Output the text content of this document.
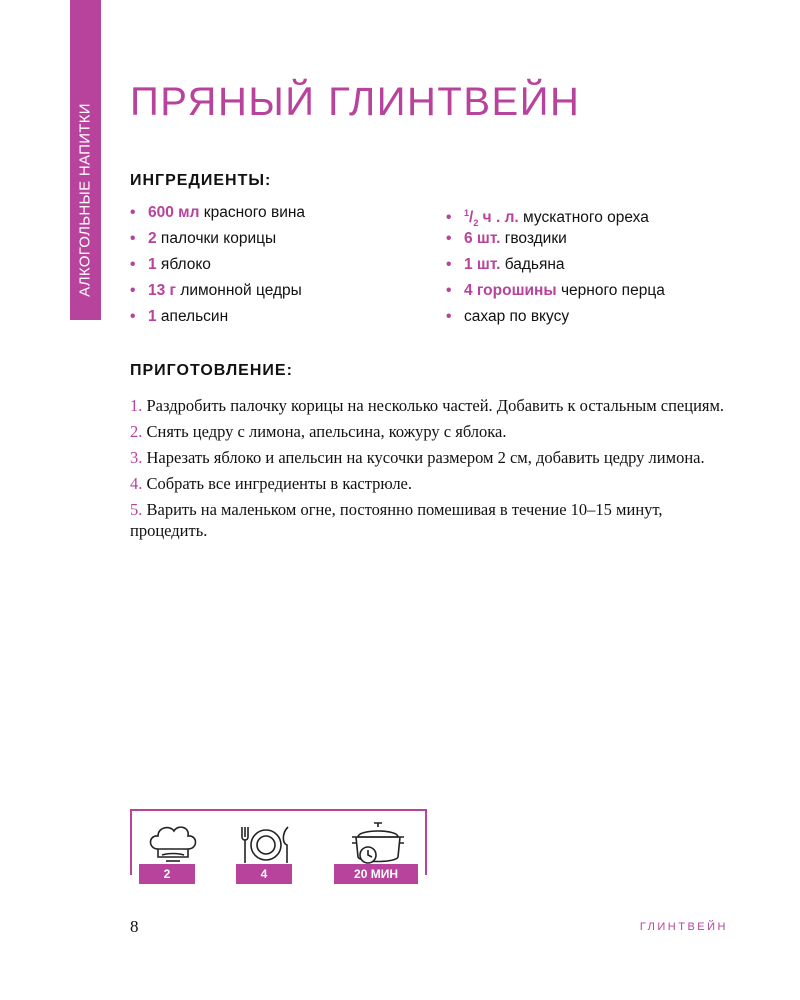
АЛКОГОЛЬНЫЕ НАПИТКИ
ПРЯНЫЙ ГЛИНТВЕЙН
ИНГРЕДИЕНТЫ:
• 600 мл красного вина
• 2 палочки корицы
• 1 яблоко
• 13 г лимонной цедры
• 1 апельсин
• $^1/_2$ ч . л. мускатного ореха
• 6 шт. гвоздики
• 1 шт. бадьяна
• 4 горошины черного перца
• сахар по вкусу
ПРИГОТОВЛЕНИЕ:
1. Раздробить палочку корицы на несколько частей. Добавить к остальным специям.
2. Снять цедру с лимона, апельсина, кожуру с яблока.
3. Нарезать яблоко и апельсин на кусочки размером 2 см, добавить цедру лимона.
4. Собрать все ингредиенты в кастрюле.
5. Варить на маленьком огне, постоянно помешивая в течение 10–15 минут, процедить.
2	4	20 МИН
8	ГЛИНТВЕЙН
